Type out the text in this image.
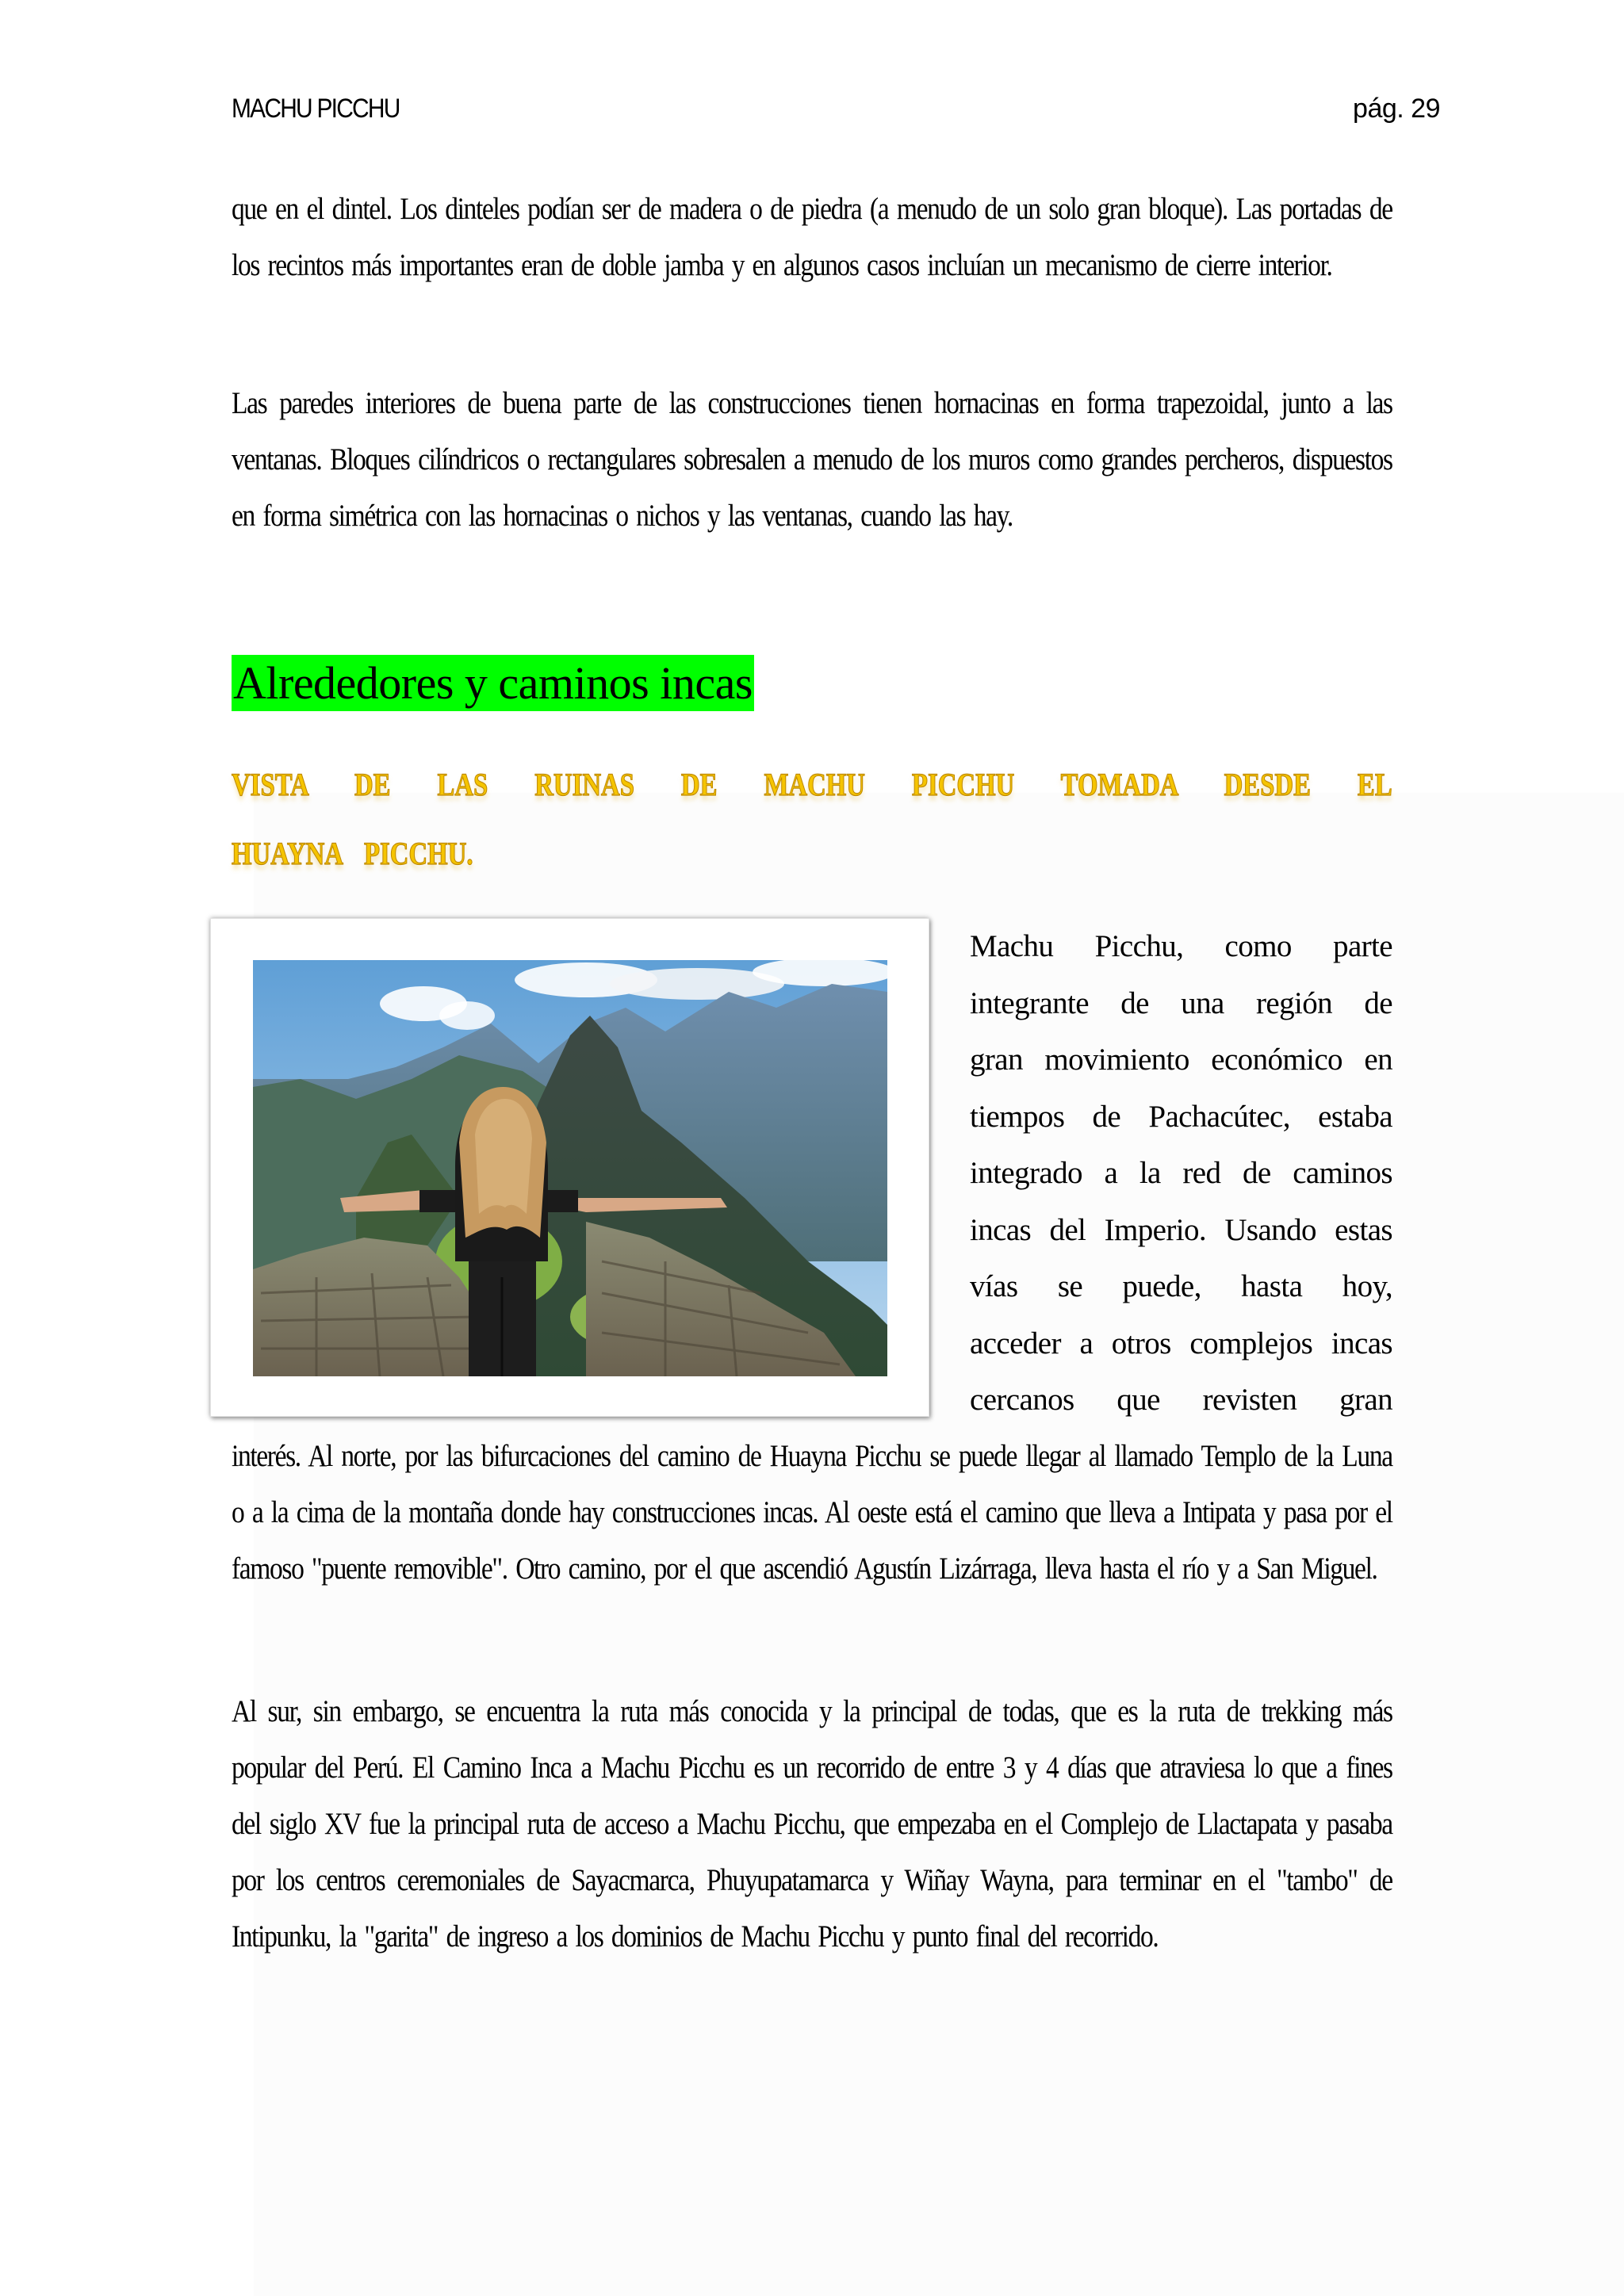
MACHU PICCHU	pág. 29

que en el dintel. Los dinteles podían ser de madera o de piedra (a menudo de un solo gran bloque). Las portadas de los recintos más importantes eran de doble jamba y en algunos casos incluían un mecanismo de cierre interior.

Las paredes interiores de buena parte de las construcciones tienen hornacinas en forma trapezoidal, junto a las ventanas. Bloques cilíndricos o rectangulares sobresalen a menudo de los muros como grandes percheros, dispuestos en forma simétrica con las hornacinas o nichos y las ventanas, cuando las hay.

Alrededores y caminos incas
VISTA DE LAS RUINAS DE MACHU PICCHU TOMADA DESDE EL
HUAYNA PICCHU.
Machu Picchu, como parte
integrante de una región de
gran movimiento económico en
tiempos de Pachacútec, estaba
integrado a la red de caminos
incas del Imperio. Usando estas
vías se puede, hasta hoy,
acceder a otros complejos incas
cercanos que revisten gran

interés. Al norte, por las bifurcaciones del camino de Huayna Picchu se puede llegar al llamado Templo de la Luna o a la cima de la montaña donde hay construcciones incas. Al oeste está el camino que lleva a Intipata y pasa por el famoso "puente removible". Otro camino, por el que ascendió Agustín Lizárraga, lleva hasta el río y a San Miguel.

Al sur, sin embargo, se encuentra la ruta más conocida y la principal de todas, que es la ruta de trekking más popular del Perú. El Camino Inca a Machu Picchu es un recorrido de entre 3 y 4 días que atraviesa lo que a fines del siglo XV fue la principal ruta de acceso a Machu Picchu, que empezaba en el Complejo de Llactapata y pasaba por los centros ceremoniales de Sayacmarca, Phuyupatamarca y Wiñay Wayna, para terminar en el "tambo" de Intipunku, la "garita" de ingreso a los dominios de Machu Picchu y punto final del recorrido.
